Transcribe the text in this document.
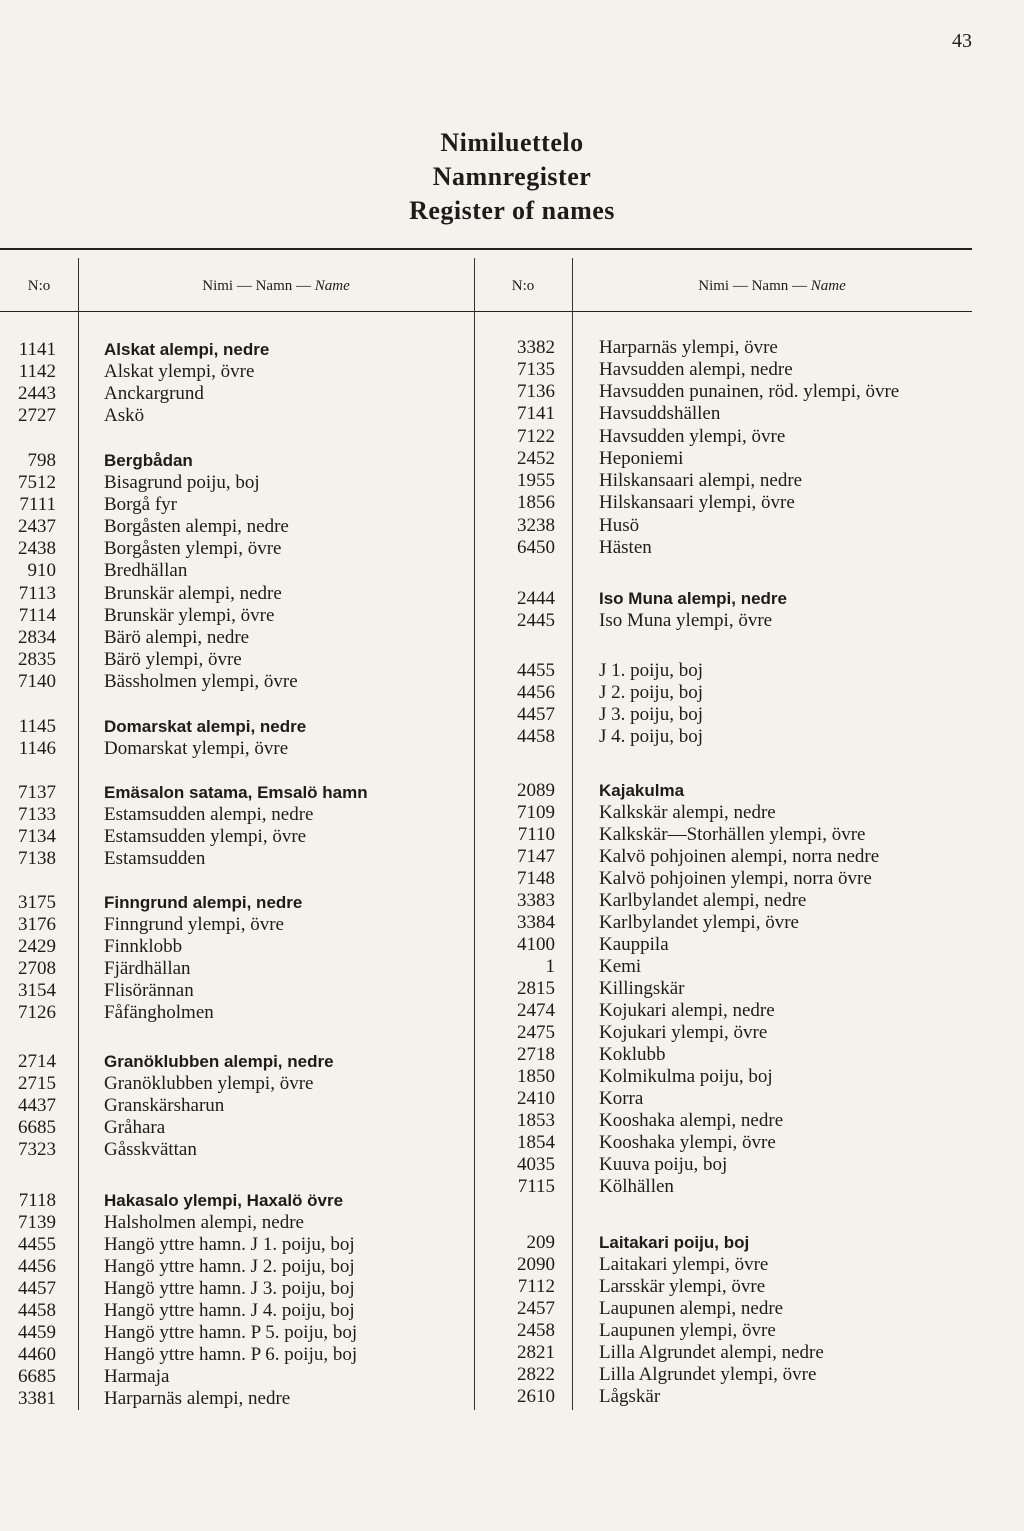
43
Nimiluettelo
Namnregister
Register of names
N:o	Nimi — Namn — Name	N:o	Nimi — Namn — Name
1141	Alskat alempi, nedre
1142	Alskat ylempi, övre
2443	Anckargrund
2727	Askö
798	Bergbådan
7512	Bisagrund poiju, boj
7111	Borgå fyr
2437	Borgåsten alempi, nedre
2438	Borgåsten ylempi, övre
910	Bredhällan
7113	Brunskär alempi, nedre
7114	Brunskär ylempi, övre
2834	Bärö alempi, nedre
2835	Bärö ylempi, övre
7140	Bässholmen ylempi, övre
1145	Domarskat alempi, nedre
1146	Domarskat ylempi, övre
7137	Emäsalon satama, Emsalö hamn
7133	Estamsudden alempi, nedre
7134	Estamsudden ylempi, övre
7138	Estamsudden
3175	Finngrund alempi, nedre
3176	Finngrund ylempi, övre
2429	Finnklobb
2708	Fjärdhällan
3154	Flisörännan
7126	Fåfängholmen
2714	Granöklubben alempi, nedre
2715	Granöklubben ylempi, övre
4437	Granskärsharun
6685	Gråhara
7323	Gåsskvättan
7118	Hakasalo ylempi, Haxalö övre
7139	Halsholmen alempi, nedre
4455	Hangö yttre hamn. J 1. poiju, boj
4456	Hangö yttre hamn. J 2. poiju, boj
4457	Hangö yttre hamn. J 3. poiju, boj
4458	Hangö yttre hamn. J 4. poiju, boj
4459	Hangö yttre hamn. P 5. poiju, boj
4460	Hangö yttre hamn. P 6. poiju, boj
6685	Harmaja
3381	Harparnäs alempi, nedre
3382 Harparnäs ylempi, övre
7135 Havsudden alempi, nedre
7136 Havsudden punainen, röd. ylempi, övre
7141 Havsuddshällen
7122 Havsudden ylempi, övre
2452 Heponiemi
1955 Hilskansaari alempi, nedre
1856 Hilskansaari ylempi, övre
3238 Husö
6450 Hästen
2444	Iso Muna alempi, nedre
2445 Iso Muna ylempi, övre
4455 J 1. poiju, boj
4456 J 2. poiju, boj
4457 J 3. poiju, boj
4458 J 4. poiju, boj
2089	Kajakulma
7109 Kalkskär alempi, nedre
7110 Kalkskär—Storhällen ylempi, övre
7147 Kalvö pohjoinen alempi, norra nedre
7148 Kalvö pohjoinen ylempi, norra övre
3383 Karlbylandet alempi, nedre
3384 Karlbylandet ylempi, övre
4100 Kauppila
1 Kemi
2815 Killingskär
2474 Kojukari alempi, nedre
2475 Kojukari ylempi, övre
2718 Koklubb
1850 Kolmikulma poiju, boj
2410 Korra
1853 Kooshaka alempi, nedre
1854 Kooshaka ylempi, övre
4035 Kuuva poiju, boj
7115 Kölhällen
209	Laitakari poiju, boj
2090 Laitakari ylempi, övre
7112 Larsskär ylempi, övre
2457 Laupunen alempi, nedre
2458 Laupunen ylempi, övre
2821 Lilla Algrundet alempi, nedre
2822 Lilla Algrundet ylempi, övre
2610 Lågskär
